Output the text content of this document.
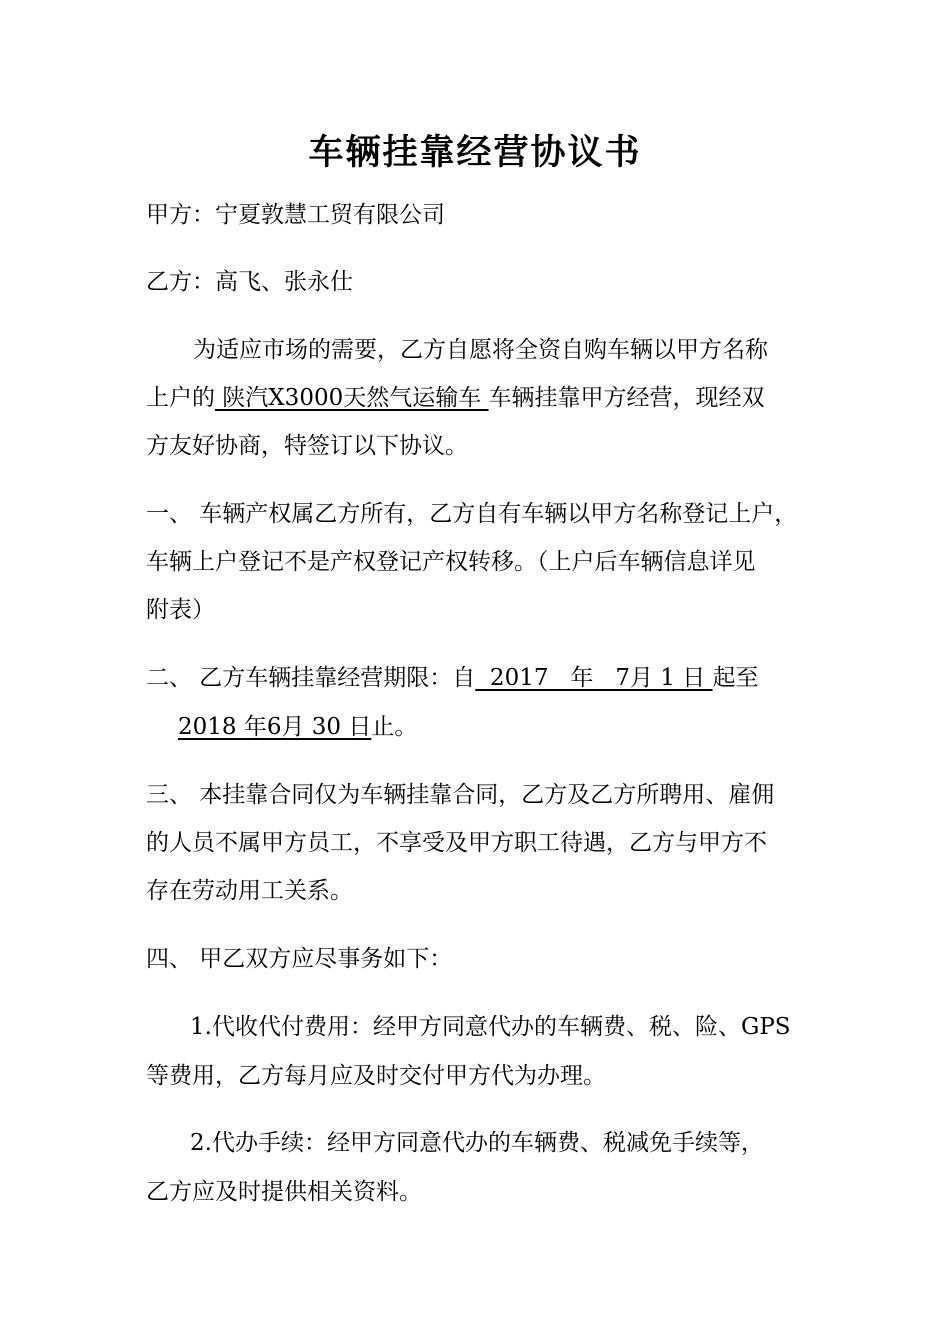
车辆挂靠经营协议书

甲方：宁夏敦慧工贸有限公司

乙方：高飞、张永仕

为适应市场的需要，乙方自愿将全资自购车辆以甲方名称

上户的 陕汽X3000天然气运输车 车辆挂靠甲方经营，现经双

方友好协商，特签订以下协议。

一、 车辆产权属乙方所有，乙方自有车辆以甲方名称登记上户，

车辆上户登记不是产权登记产权转移。（上户后车辆信息详见

附表）

二、 乙方车辆挂靠经营期限：自  2017   年   7月 1 日 起至

2018 年6月 30 日止。

三、 本挂靠合同仅为车辆挂靠合同，乙方及乙方所聘用、雇佣

的人员不属甲方员工，不享受及甲方职工待遇，乙方与甲方不

存在劳动用工关系。

四、 甲乙双方应尽事务如下：

1.代收代付费用：经甲方同意代办的车辆费、税、险、GPS

等费用，乙方每月应及时交付甲方代为办理。

2.代办手续：经甲方同意代办的车辆费、税减免手续等，

乙方应及时提供相关资料。
